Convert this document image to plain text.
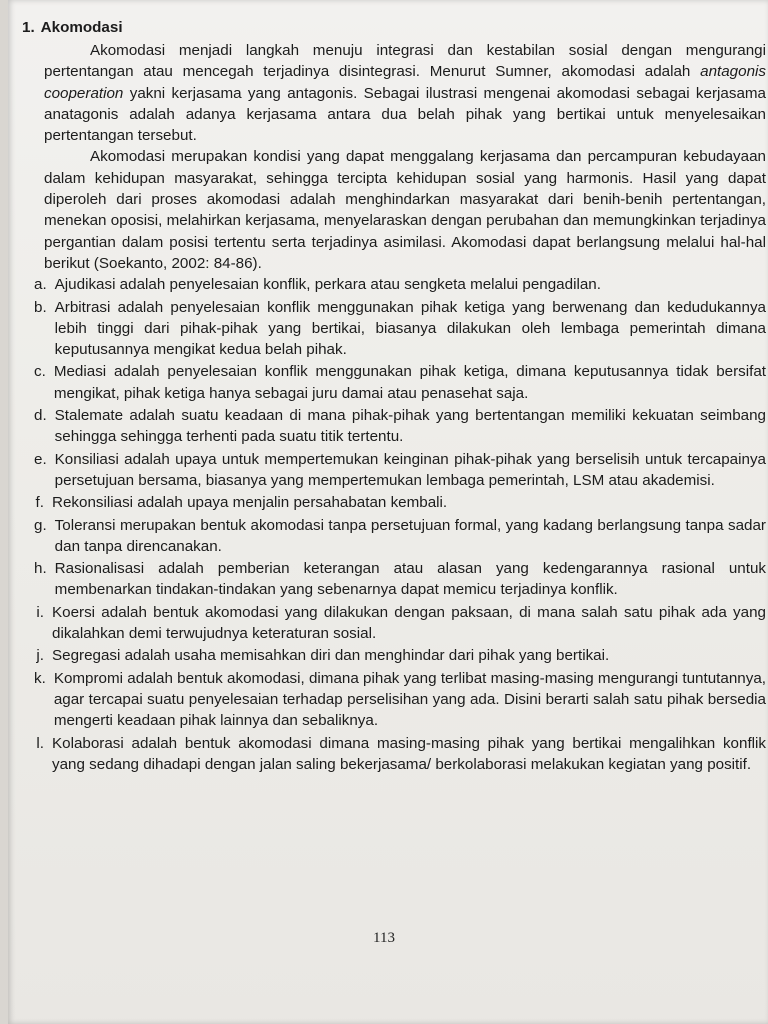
1. Akomodasi

Akomodasi menjadi langkah menuju integrasi dan kestabilan sosial dengan mengurangi pertentangan atau mencegah terjadinya disintegrasi. Menurut Sumner, akomodasi adalah antagonis cooperation yakni kerjasama yang antagonis. Sebagai ilustrasi mengenai akomodasi sebagai kerjasama anatagonis adalah adanya kerjasama antara dua belah pihak yang bertikai untuk menyelesaikan pertentangan tersebut.

Akomodasi merupakan kondisi yang dapat menggalang kerjasama dan percampuran kebudayaan dalam kehidupan masyarakat, sehingga tercipta kehidupan sosial yang harmonis. Hasil yang dapat diperoleh dari proses akomodasi adalah menghindarkan masyarakat dari benih-benih pertentangan, menekan oposisi, melahirkan kerjasama, menyelaraskan dengan perubahan dan memungkinkan terjadinya pergantian dalam posisi tertentu serta terjadinya asimilasi. Akomodasi dapat berlangsung melalui hal-hal berikut (Soekanto, 2002: 84-86).

a. Ajudikasi adalah penyelesaian konflik, perkara atau sengketa melalui pengadilan.
b. Arbitrasi adalah penyelesaian konflik menggunakan pihak ketiga yang berwenang dan kedudukannya lebih tinggi dari pihak-pihak yang bertikai, biasanya dilakukan oleh lembaga pemerintah dimana keputusannya mengikat kedua belah pihak.
c. Mediasi adalah penyelesaian konflik menggunakan pihak ketiga, dimana keputusannya tidak bersifat mengikat, pihak ketiga hanya sebagai juru damai atau penasehat saja.
d. Stalemate adalah suatu keadaan di mana pihak-pihak yang bertentangan memiliki kekuatan seimbang sehingga sehingga terhenti pada suatu titik tertentu.
e. Konsiliasi adalah upaya untuk mempertemukan keinginan pihak-pihak yang berselisih untuk tercapainya persetujuan bersama, biasanya yang mempertemukan lembaga pemerintah, LSM atau akademisi.
f. Rekonsiliasi adalah upaya menjalin persahabatan kembali.
g. Toleransi merupakan bentuk akomodasi tanpa persetujuan formal, yang kadang berlangsung tanpa sadar dan tanpa direncanakan.
h. Rasionalisasi adalah pemberian keterangan atau alasan yang kedengarannya rasional untuk membenarkan tindakan-tindakan yang sebenarnya dapat memicu terjadinya konflik.
i. Koersi adalah bentuk akomodasi yang dilakukan dengan paksaan, di mana salah satu pihak ada yang dikalahkan demi terwujudnya keteraturan sosial.
j. Segregasi adalah usaha memisahkan diri dan menghindar dari pihak yang bertikai.
k. Kompromi adalah bentuk akomodasi, dimana pihak yang terlibat masing-masing mengurangi tuntutannya, agar tercapai suatu penyelesaian terhadap perselisihan yang ada. Disini berarti salah satu pihak bersedia mengerti keadaan pihak lainnya dan sebaliknya.
l. Kolaborasi adalah bentuk akomodasi dimana masing-masing pihak yang bertikai mengalihkan konflik yang sedang dihadapi dengan jalan saling bekerjasama/ berkolaborasi melakukan kegiatan yang positif.
113
